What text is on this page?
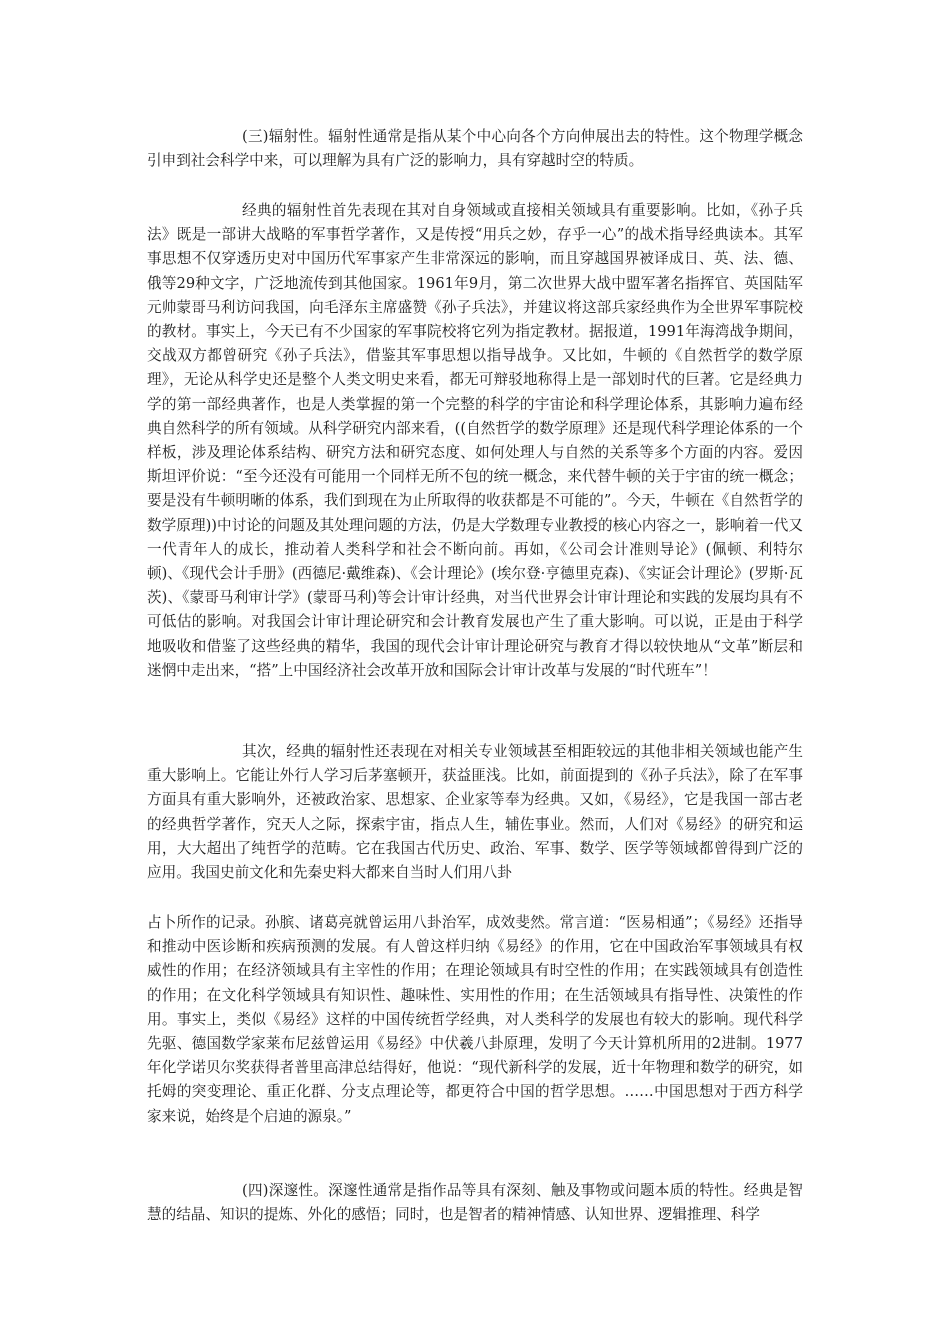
(三)辐射性。辐射性通常是指从某个中心向各个方向伸展出去的特性。这个物理学概念引申到社会科学中来，可以理解为具有广泛的影响力，具有穿越时空的特质。

经典的辐射性首先表现在其对自身领域或直接相关领域具有重要影响。比如，《孙子兵法》既是一部讲大战略的军事哲学著作，又是传授“用兵之妙，存乎一心”的战术指导经典读本。其军事思想不仅穿透历史对中国历代军事家产生非常深远的影响，而且穿越国界被译成日、英、法、德、俄等29种文字，广泛地流传到其他国家。1961年9月，第二次世界大战中盟军著名指挥官、英国陆军元帅蒙哥马利访问我国，向毛泽东主席盛赞《孙子兵法》，并建议将这部兵家经典作为全世界军事院校的教材。事实上，今天已有不少国家的军事院校将它列为指定教材。据报道，1991年海湾战争期间，交战双方都曾研究《孙子兵法》，借鉴其军事思想以指导战争。又比如，牛顿的《自然哲学的数学原理》，无论从科学史还是整个人类文明史来看，都无可辩驳地称得上是一部划时代的巨著。它是经典力学的第一部经典著作，也是人类掌握的第一个完整的科学的宇宙论和科学理论体系，其影响力遍布经典自然科学的所有领域。从科学研究内部来看，((自然哲学的数学原理》还是现代科学理论体系的一个样板，涉及理论体系结构、研究方法和研究态度、如何处理人与自然的关系等多个方面的内容。爱因斯坦评价说：“至今还没有可能用一个同样无所不包的统一概念，来代替牛顿的关于宇宙的统一概念；要是没有牛顿明晰的体系，我们到现在为止所取得的收获都是不可能的”。今天，牛顿在《自然哲学的数学原理))中讨论的问题及其处理问题的方法，仍是大学数理专业教授的核心内容之一，影响着一代又一代青年人的成长，推动着人类科学和社会不断向前。再如，《公司会计准则导论》(佩顿、利特尔顿)、《现代会计手册》(西德尼·戴维森)、《会计理论》(埃尔登·亨德里克森)、《实证会计理论》(罗斯·瓦茨)、《蒙哥马利审计学》(蒙哥马利)等会计审计经典，对当代世界会计审计理论和实践的发展均具有不可低估的影响。对我国会计审计理论研究和会计教育发展也产生了重大影响。可以说，正是由于科学地吸收和借鉴了这些经典的精华，我国的现代会计审计理论研究与教育才得以较快地从“文革”断层和迷惘中走出来，“搭”上中国经济社会改革开放和国际会计审计改革与发展的“时代班车”！

其次，经典的辐射性还表现在对相关专业领域甚至相距较远的其他非相关领域也能产生重大影响上。它能让外行人学习后茅塞顿开，获益匪浅。比如，前面提到的《孙子兵法》，除了在军事方面具有重大影响外，还被政治家、思想家、企业家等奉为经典。又如，《易经》，它是我国一部古老的经典哲学著作，究天人之际，探索宇宙，指点人生，辅佐事业。然而，人们对《易经》的研究和运用，大大超出了纯哲学的范畴。它在我国古代历史、政治、军事、数学、医学等领域都曾得到广泛的应用。我国史前文化和先秦史料大都来自当时人们用八卦

占卜所作的记录。孙膑、诸葛亮就曾运用八卦治军，成效斐然。常言道：“医易相通”；《易经》还指导和推动中医诊断和疾病预测的发展。有人曾这样归纳《易经》的作用，它在中国政治军事领域具有权威性的作用；在经济领域具有主宰性的作用；在理论领域具有时空性的作用；在实践领域具有创造性的作用；在文化科学领域具有知识性、趣味性、实用性的作用；在生活领域具有指导性、决策性的作用。事实上，类似《易经》这样的中国传统哲学经典，对人类科学的发展也有较大的影响。现代科学先驱、德国数学家莱布尼兹曾运用《易经》中伏羲八卦原理，发明了今天计算机所用的2进制。1977年化学诺贝尔奖获得者普里高津总结得好，他说：“现代新科学的发展，近十年物理和数学的研究，如托姆的突变理论、重正化群、分支点理论等，都更符合中国的哲学思想。……中国思想对于西方科学家来说，始终是个启迪的源泉。”

(四)深邃性。深邃性通常是指作品等具有深刻、触及事物或问题本质的特性。经典是智慧的结晶、知识的提炼、外化的感悟；同时，也是智者的精神情感、认知世界、逻辑推理、科学
